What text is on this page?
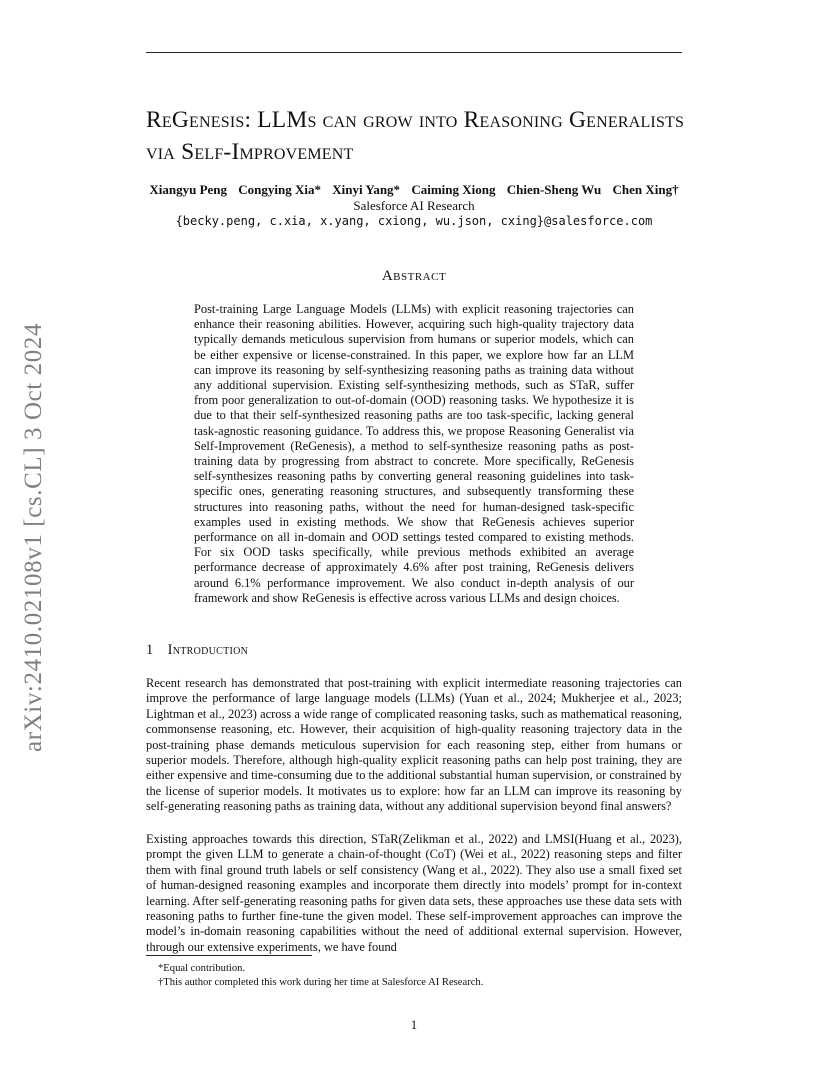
arXiv:2410.02108v1 [cs.CL] 3 Oct 2024
ReGenesis: LLMs can grow into Reasoning Generalists via Self-Improvement
Xiangyu Peng Congying Xia* Xinyi Yang* Caiming Xiong Chien-Sheng Wu Chen Xing†
Salesforce AI Research
{becky.peng, c.xia, x.yang, cxiong, wu.json, cxing}@salesforce.com
Abstract

Post-training Large Language Models (LLMs) with explicit reasoning trajectories can enhance their reasoning abilities. However, acquiring such high-quality trajectory data typically demands meticulous supervision from humans or superior models, which can be either expensive or license-constrained. In this paper, we explore how far an LLM can improve its reasoning by self-synthesizing reasoning paths as training data without any additional supervision. Existing self-synthesizing methods, such as STaR, suffer from poor generalization to out-of-domain (OOD) reasoning tasks. We hypothesize it is due to that their self-synthesized reasoning paths are too task-specific, lacking general task-agnostic reasoning guidance. To address this, we propose Reasoning Generalist via Self-Improvement (ReGenesis), a method to self-synthesize reasoning paths as post-training data by progressing from abstract to concrete. More specifically, ReGenesis self-synthesizes reasoning paths by converting general reasoning guidelines into task-specific ones, generating reasoning structures, and subsequently transforming these structures into reasoning paths, without the need for human-designed task-specific examples used in existing methods. We show that ReGenesis achieves superior performance on all in-domain and OOD settings tested compared to existing methods. For six OOD tasks specifically, while previous methods exhibited an average performance decrease of approximately 4.6% after post training, ReGenesis delivers around 6.1% performance improvement. We also conduct in-depth analysis of our framework and show ReGenesis is effective across various LLMs and design choices.

1 Introduction

Recent research has demonstrated that post-training with explicit intermediate reasoning trajectories can improve the performance of large language models (LLMs) (Yuan et al., 2024; Mukherjee et al., 2023; Lightman et al., 2023) across a wide range of complicated reasoning tasks, such as mathematical reasoning, commonsense reasoning, etc. However, their acquisition of high-quality reasoning trajectory data in the post-training phase demands meticulous supervision for each reasoning step, either from humans or superior models. Therefore, although high-quality explicit reasoning paths can help post training, they are either expensive and time-consuming due to the additional substantial human supervision, or constrained by the license of superior models. It motivates us to explore: how far an LLM can improve its reasoning by self-generating reasoning paths as training data, without any additional supervision beyond final answers?

Existing approaches towards this direction, STaR(Zelikman et al., 2022) and LMSI(Huang et al., 2023), prompt the given LLM to generate a chain-of-thought (CoT) (Wei et al., 2022) reasoning steps and filter them with final ground truth labels or self consistency (Wang et al., 2022). They also use a small fixed set of human-designed reasoning examples and incorporate them directly into models’ prompt for in-context learning. After self-generating reasoning paths for given data sets, these approaches use these data sets with reasoning paths to further fine-tune the given model. These self-improvement approaches can improve the model’s in-domain reasoning capabilities without the need of additional external supervision. However, through our extensive experiments, we have found

*Equal contribution.
†This author completed this work during her time at Salesforce AI Research.
1
